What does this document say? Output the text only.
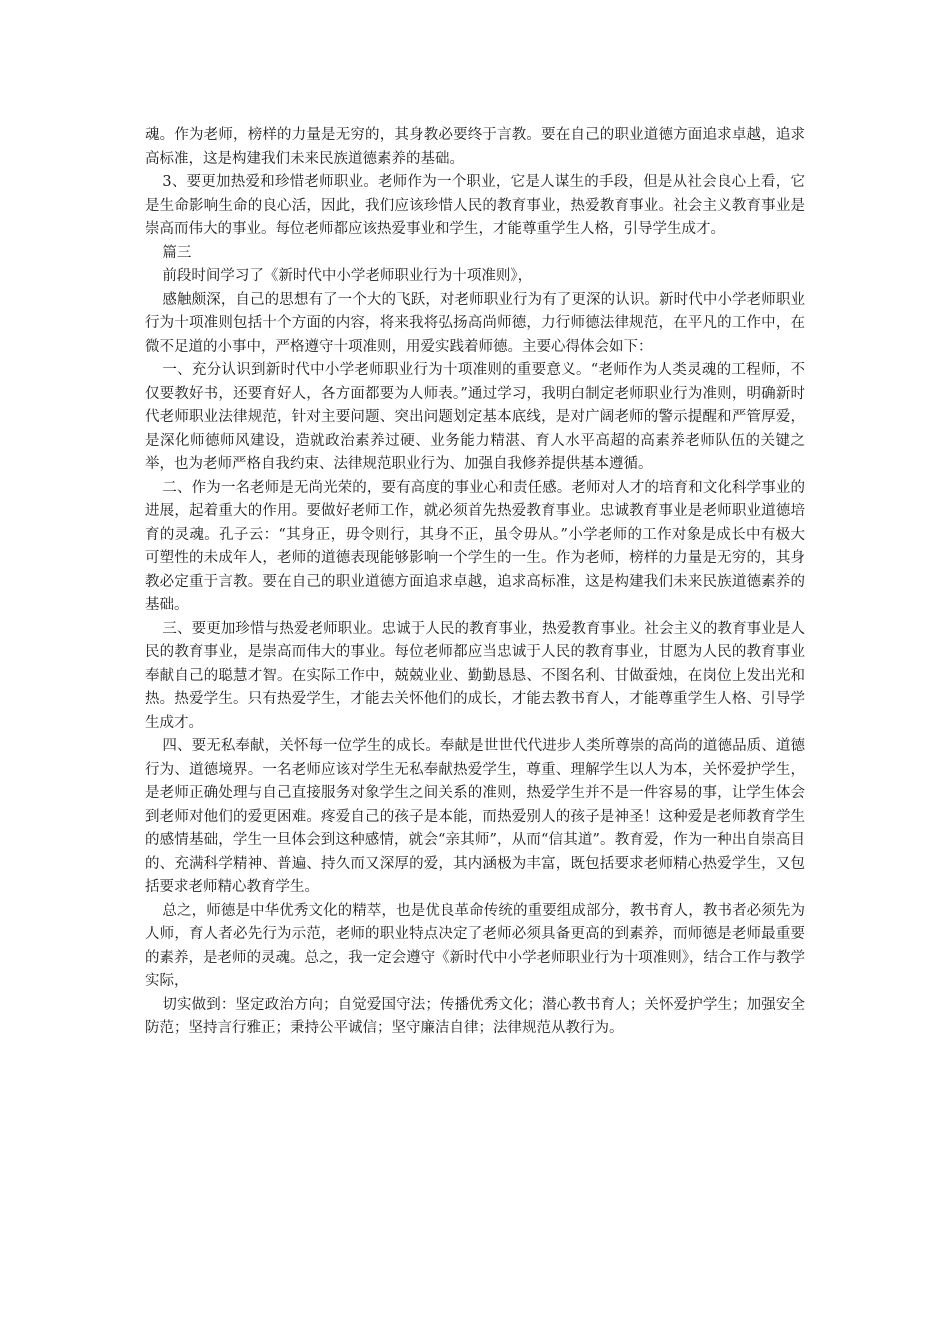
魂。作为老师，榜样的力量是无穷的，其身教必要终于言教。要在自己的职业道德方面追求卓越，追求高标准，这是构建我们未来民族道德素养的基础。

3、要更加热爱和珍惜老师职业。老师作为一个职业，它是人谋生的手段，但是从社会良心上看，它是生命影响生命的良心活，因此，我们应该珍惜人民的教育事业，热爱教育事业。社会主义教育事业是崇高而伟大的事业。每位老师都应该热爱事业和学生，才能尊重学生人格，引导学生成才。

篇三

前段时间学习了《新时代中小学老师职业行为十项准则》，

感触颇深，自己的思想有了一个大的飞跃，对老师职业行为有了更深的认识。新时代中小学老师职业行为十项准则包括十个方面的内容，将来我将弘扬高尚师德，力行师德法律规范，在平凡的工作中，在微不足道的小事中，严格遵守十项准则，用爱实践着师德。主要心得体会如下：

一、充分认识到新时代中小学老师职业行为十项准则的重要意义。“老师作为人类灵魂的工程师，不仅要教好书，还要育好人，各方面都要为人师表。”通过学习，我明白制定老师职业行为准则，明确新时代老师职业法律规范，针对主要问题、突出问题划定基本底线，是对广阔老师的警示提醒和严管厚爱，是深化师德师风建设，造就政治素养过硬、业务能力精湛、育人水平高超的高素养老师队伍的关键之举，也为老师严格自我约束、法律规范职业行为、加强自我修养提供基本遵循。

二、作为一名老师是无尚光荣的，要有高度的事业心和责任感。老师对人才的培育和文化科学事业的进展，起着重大的作用。要做好老师工作，就必须首先热爱教育事业。忠诚教育事业是老师职业道德培育的灵魂。孔子云：“其身正，毋令则行，其身不正，虽令毋从。”小学老师的工作对象是成长中有极大可塑性的未成年人，老师的道德表现能够影响一个学生的一生。作为老师，榜样的力量是无穷的，其身教必定重于言教。要在自己的职业道德方面追求卓越，追求高标准，这是构建我们未来民族道德素养的基础。

三、要更加珍惜与热爱老师职业。忠诚于人民的教育事业，热爱教育事业。社会主义的教育事业是人民的教育事业，是崇高而伟大的事业。每位老师都应当忠诚于人民的教育事业，甘愿为人民的教育事业奉献自己的聪慧才智。在实际工作中，兢兢业业、勤勤恳恳、不图名利、甘做蚕烛，在岗位上发出光和热。热爱学生。只有热爱学生，才能去关怀他们的成长，才能去教书育人，才能尊重学生人格、引导学生成才。

四、要无私奉献，关怀每一位学生的成长。奉献是世世代代进步人类所尊崇的高尚的道德品质、道德行为、道德境界。一名老师应该对学生无私奉献热爱学生，尊重、理解学生以人为本，关怀爱护学生，是老师正确处理与自己直接服务对象学生之间关系的准则，热爱学生并不是一件容易的事，让学生体会到老师对他们的爱更困难。疼爱自己的孩子是本能，而热爱别人的孩子是神圣！这种爱是老师教育学生的感情基础，学生一旦体会到这种感情，就会“亲其师”，从而“信其道”。教育爱，作为一种出自崇高目的、充满科学精神、普遍、持久而又深厚的爱，其内涵极为丰富，既包括要求老师精心热爱学生，又包括要求老师精心教育学生。

总之，师德是中华优秀文化的精萃，也是优良革命传统的重要组成部分，教书育人，教书者必须先为人师，育人者必先行为示范，老师的职业特点决定了老师必须具备更高的到素养，而师德是老师最重要的素养，是老师的灵魂。总之，我一定会遵守《新时代中小学老师职业行为十项准则》，结合工作与教学实际，

切实做到：坚定政治方向；自觉爱国守法；传播优秀文化；潜心教书育人；关怀爱护学生；加强安全防范；坚持言行雅正；秉持公平诚信；坚守廉洁自律；法律规范从教行为。
